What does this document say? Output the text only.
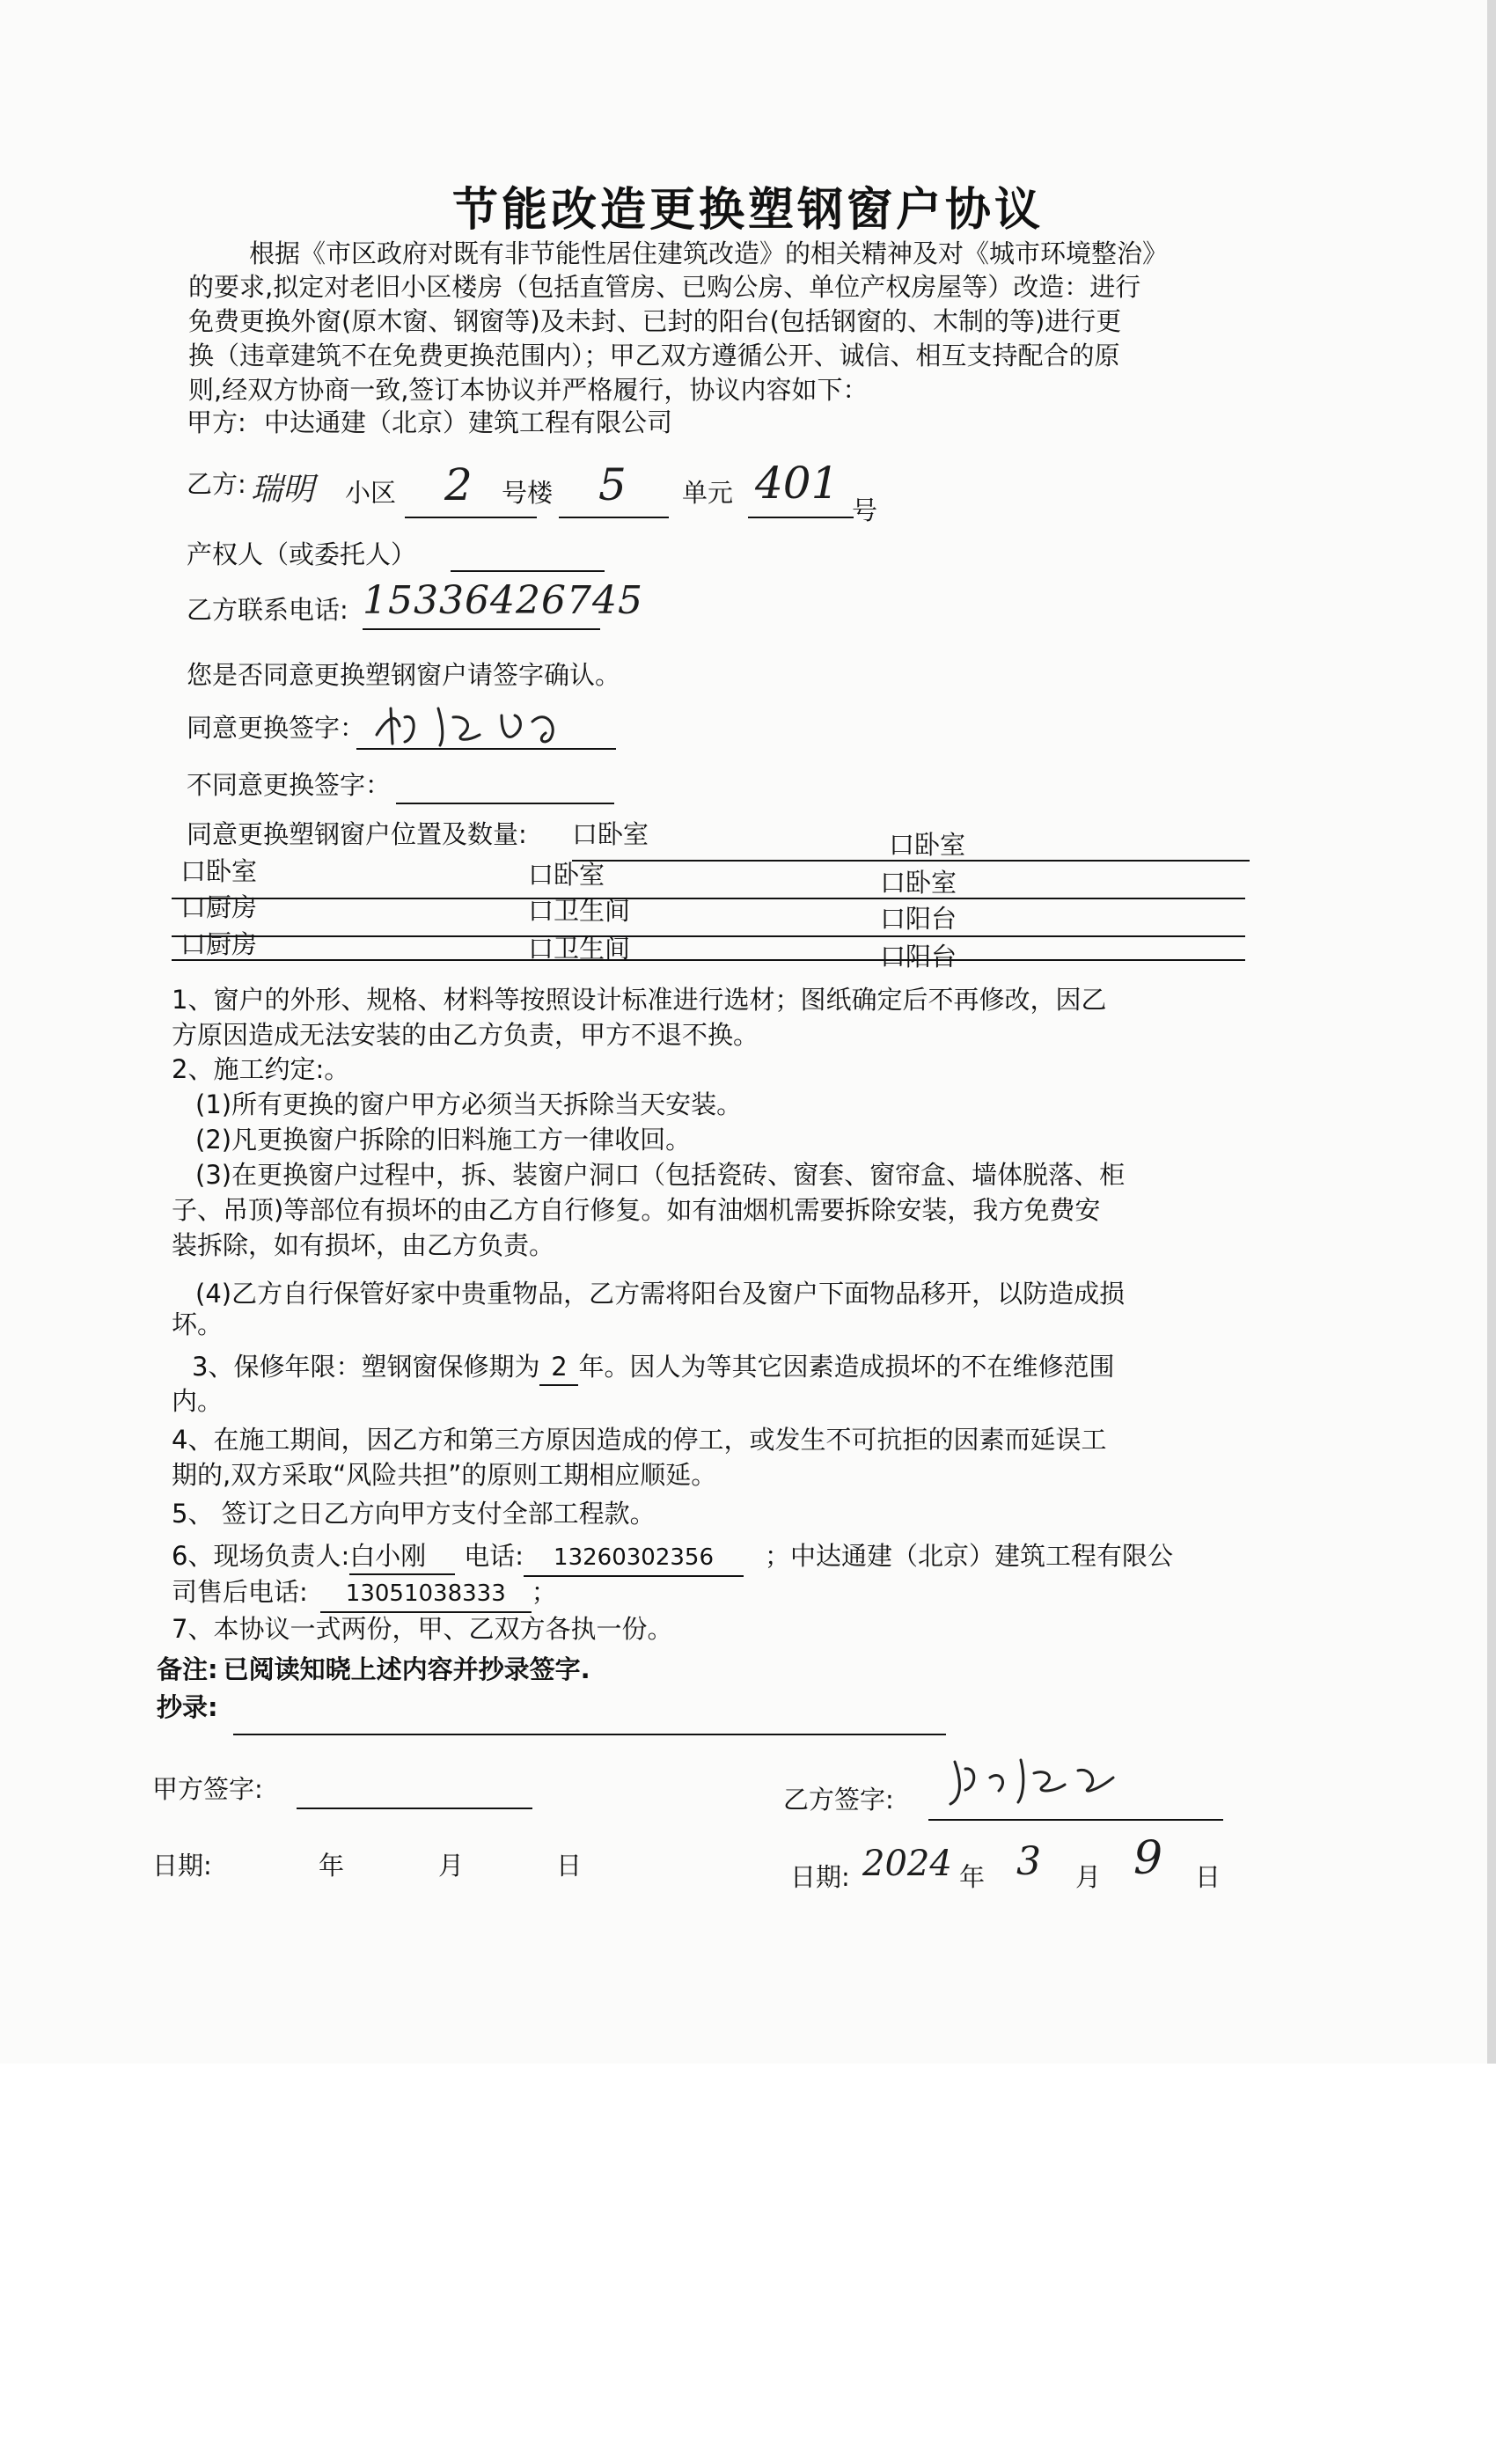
节能改造更换塑钢窗户协议
根据《市区政府对既有非节能性居住建筑改造》的相关精神及对《城市环境整治》
的要求,拟定对老旧小区楼房（包括直管房、已购公房、单位产权房屋等）改造：进行
免费更换外窗(原木窗、钢窗等)及未封、已封的阳台(包括钢窗的、木制的等)进行更
换（违章建筑不在免费更换范围内）；甲乙双方遵循公开、诚信、相互支持配合的原
则,经双方协商一致,签订本协议并严格履行，协议内容如下：
甲方: 中达通建（北京）建筑工程有限公司
乙方: 瑞明 小区 2 号楼 5 单元 401
号
产权人（或委托人）
乙方联系电话: 15336426745
您是否同意更换塑钢窗户请签字确认。
同意更换签字：
不同意更换签字：
同意更换塑钢窗户位置及数量: 口卧室	口卧室
口卧室	口卧室	口卧室
口厨房	口卫生间	口阳台
口厨房	口卫生间	口阳台
1、窗户的外形、规格、材料等按照设计标准进行选材；图纸确定后不再修改，因乙
方原因造成无法安装的由乙方负责，甲方不退不换。
2、施工约定:。
(1)所有更换的窗户甲方必须当天拆除当天安装。
(2)凡更换窗户拆除的旧料施工方一律收回。
(3)在更换窗户过程中，拆、装窗户洞口（包括瓷砖、窗套、窗帘盒、墙体脱落、柜
子、吊顶)等部位有损坏的由乙方自行修复。如有油烟机需要拆除安装，我方免费安
装拆除，如有损坏，由乙方负责。
(4)乙方自行保管好家中贵重物品，乙方需将阳台及窗户下面物品移开，以防造成损
坏。
3、保修年限：塑钢窗保修期为 2 年。因人为等其它因素造成损坏的不在维修范围
内。
4、在施工期间，因乙方和第三方原因造成的停工，或发生不可抗拒的因素而延误工
期的,双方采取“风险共担”的原则工期相应顺延。
5、 签订之日乙方向甲方支付全部工程款。
6、现场负责人:白小刚 电话: 13260302356 ；中达通建（北京）建筑工程有限公
司售后电话: 13051038333 ；
7、本协议一式两份，甲、乙双方各执一份。
备注: 已阅读知晓上述内容并抄录签字.
抄录:
甲方签字:	乙方签字:
日期:	年	月	日	日期: 2024 年 3 月 9 日
